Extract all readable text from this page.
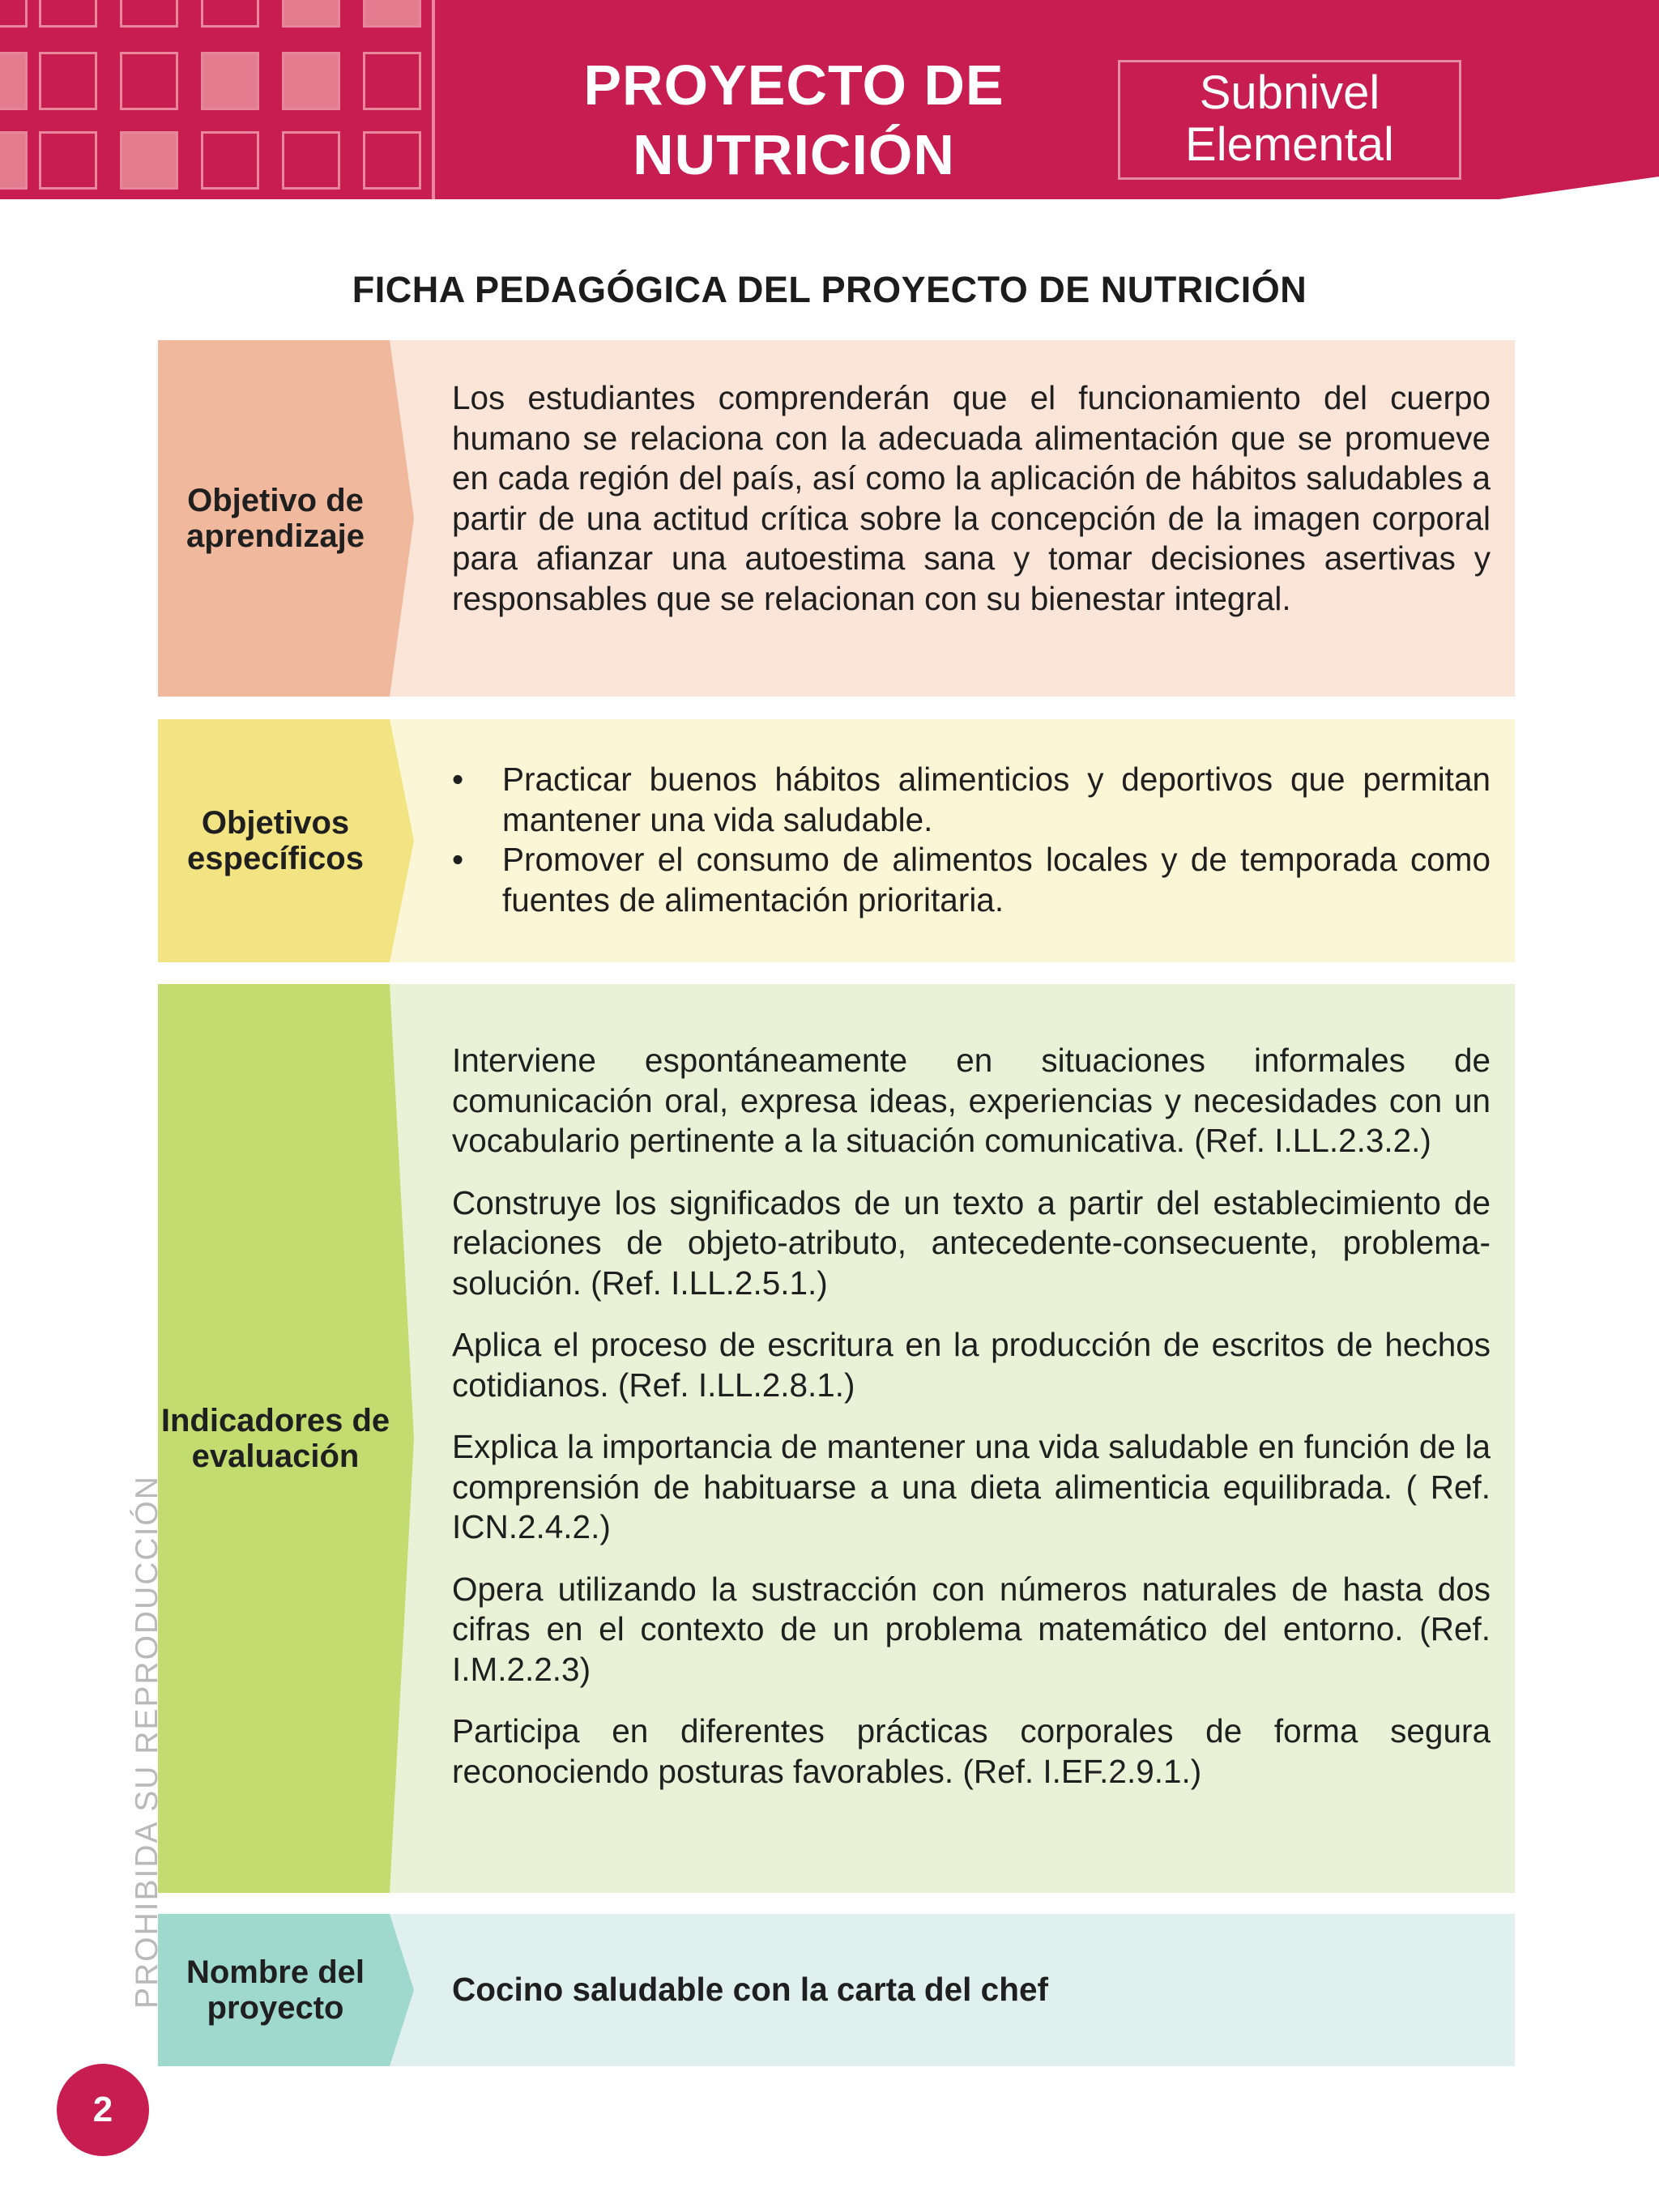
PROYECTO DE
NUTRICIÓN
Subnivel
Elemental
FICHA PEDAGÓGICA DEL PROYECTO DE NUTRICIÓN
Objetivo de aprendizaje
Los estudiantes comprenderán que el funcionamiento del cuerpo humano se relaciona con la adecuada alimentación que se promueve en cada región del país, así como la aplicación de hábitos saludables a partir de una actitud crítica sobre la concepción de la imagen corporal para afianzar una autoestima sana y tomar decisiones asertivas y responsables que se relacionan con su bienestar integral.
Objetivos específicos
• Practicar buenos hábitos alimenticios y deportivos que permitan mantener una vida saludable.
• Promover el consumo de alimentos locales y de temporada como fuentes de alimentación prioritaria.
Indicadores de evaluación

Interviene espontáneamente en situaciones informales de comunicación oral, expresa ideas, experiencias y necesidades con un vocabulario pertinente a la situación comunicativa. (Ref. I.LL.2.3.2.)

Construye los significados de un texto a partir del establecimiento de relaciones de objeto-atributo, antecedente-consecuente, problema-solución. (Ref. I.LL.2.5.1.)

Aplica el proceso de escritura en la producción de escritos de hechos cotidianos. (Ref. I.LL.2.8.1.)

Explica la importancia de mantener una vida saludable en función de la comprensión de habituarse a una dieta alimenticia equilibrada. ( Ref. ICN.2.4.2.)

Opera utilizando la sustracción con números naturales de hasta dos cifras en el contexto de un problema matemático del entorno. (Ref. I.M.2.2.3)

Participa en diferentes prácticas corporales de forma segura reconociendo posturas favorables. (Ref. I.EF.2.9.1.)

Nombre del proyecto	Cocino saludable con la carta del chef
PROHIBIDA SU REPRODUCCIÓN
2
